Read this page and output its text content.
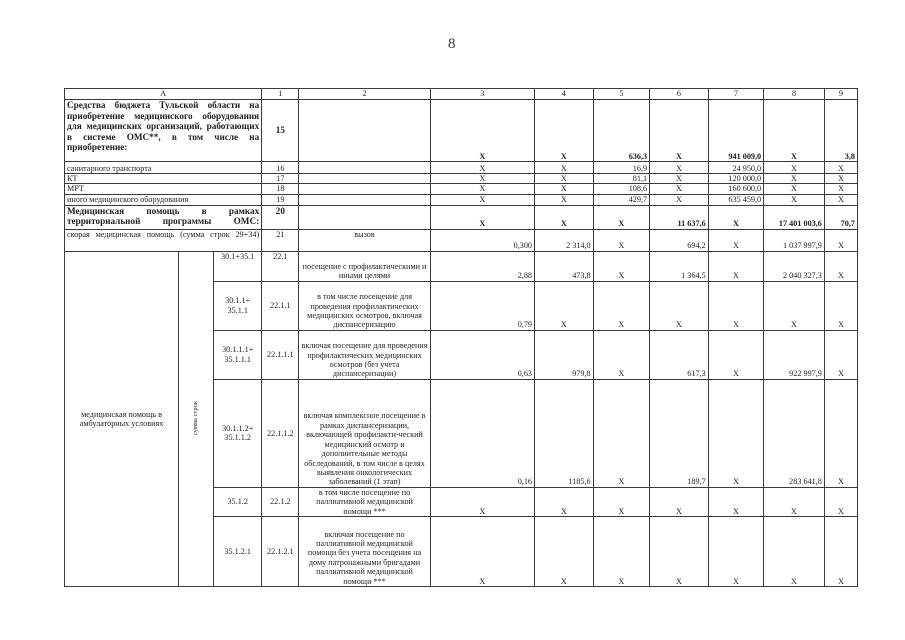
8
А			1	2	3	4	5	6	7	8	9
Средства бюджета Тульской области на приобретение медицинского оборудования для медицинских организаций, работающих в системе ОМС**, в том числе на приобретение:			15		X	X	636,3	X	941 009,0	X	3,8
санитарного транспорта			16		X	X	16,9	X	24 950,0	X	X
КТ			17		X	X	81,1	X	120 000,0	X	X
МРТ			18		X	X	108,6	X	160 600,0	X	X
иного медицинского оборудования			19		X	X	429,7	X	635 459,0	X	X
Медицинская помощь в рамках территориальной программы ОМС:			20		X	X	X	11 637,6	X	17 401 003,6	70,7
скорая медицинская помощь (сумма строк 29+34)			21	вызов	0,300	2 314,0	X	694,2	X	1 037 997,9	X
медицинская помощь в амбулаторных условиях	сумма строк	30.1+35.1	22.1	посещение с профилактическими и иными целями	2,88	473,8	X	1 364,5	X	2 040 327,3	X
		30.1.1+ 35.1.1	22.1.1	в том числе посещение для проведения профилактических медицинских осмотров, включая диспансеризацию	0,79	X	X	X	X	X	X
		30.1.1.1+ 35.1.1.1	22.1.1.1	включая посещение для проведения профилактических медицинских осмотров (без учета диспансеризации)	0,63	979,8	X	617,3	X	922 997,9	X
		30.1.1.2+ 35.1.1.2	22.1.1.2	включая комплексное посещение в рамках диспансеризации, включающей профилакти-ческий медицинский осмотр и дополнительные методы обследований, в том числе в целях выявления онкологических заболеваний (1 этап)	0,16	1185,6	X	189,7	X	283 641,8	X
		35.1.2	22.1.2	в том числе посещение по паллиативной медицинской помощи ***	X	X	X	X	X	X	X
		35.1.2.1	22.1.2.1	включая посещение по паллиативной медицинской помощи без учета посещения на дому патронажными бригадами паллиативной медицинской помощи ***	X	X	X	X	X	X	X
